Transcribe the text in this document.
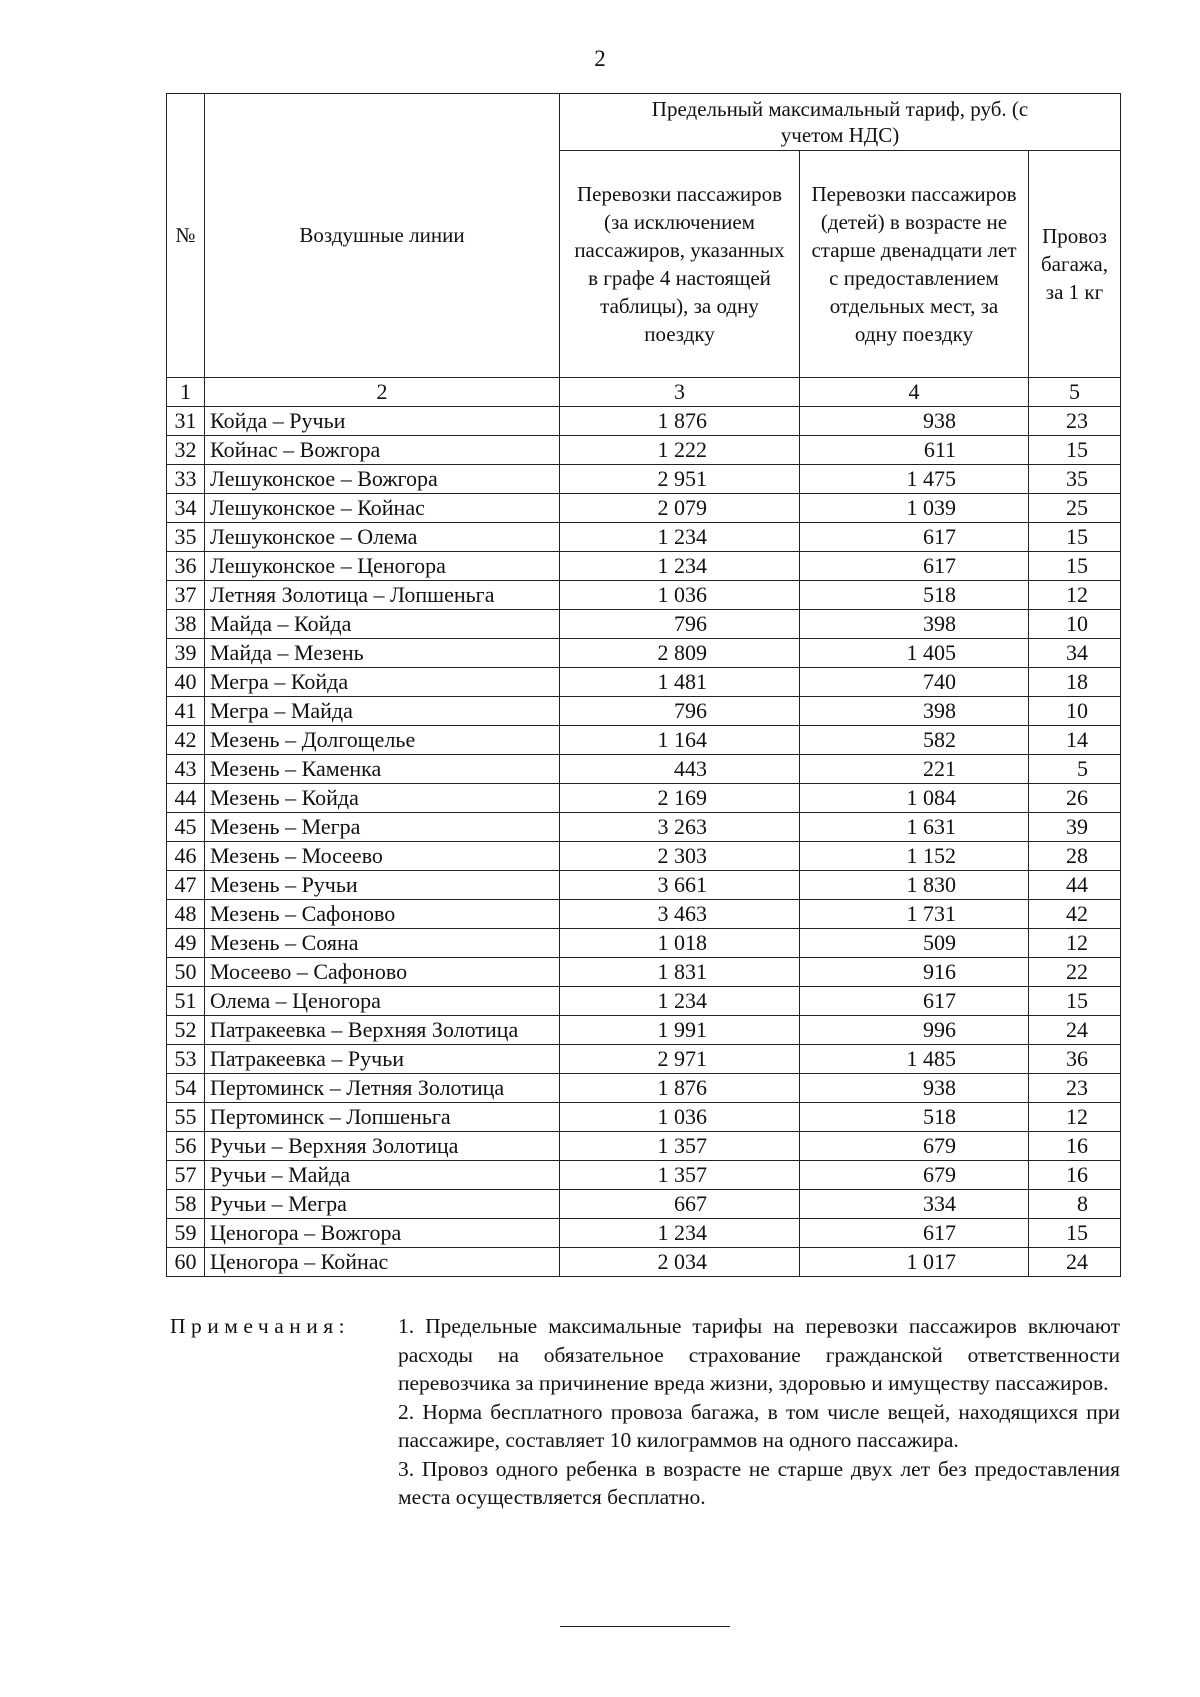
2
№	Воздушные линии	Предельный максимальный тариф, руб. (с учетом НДС)		

		Перевозки пассажиров (за исключением пассажиров, указанных в графе 4 настоящей таблицы), за одну поездку	Перевозки пассажиров (детей) в возрасте не старше двенадцати лет с предоставлением отдельных мест, за одну поездку	Провоз багажа, за 1 кг

1	2	3	4	5
31	Койда – Ручьи	1 876	938	23
32	Койнас – Вожгора	1 222	611	15
33	Лешуконское – Вожгора	2 951	1 475	35
34	Лешуконское – Койнас	2 079	1 039	25
35	Лешуконское – Олема	1 234	617	15
36	Лешуконское – Ценогора	1 234	617	15
37	Летняя Золотица – Лопшеньга	1 036	518	12
38	Майда – Койда	796	398	10
39	Майда – Мезень	2 809	1 405	34
40	Мегра – Койда	1 481	740	18
41	Мегра – Майда	796	398	10
42	Мезень – Долгощелье	1 164	582	14
43	Мезень – Каменка	443	221	5
44	Мезень – Койда	2 169	1 084	26
45	Мезень – Мегра	3 263	1 631	39
46	Мезень – Мосеево	2 303	1 152	28
47	Мезень – Ручьи	3 661	1 830	44
48	Мезень – Сафоново	3 463	1 731	42
49	Мезень – Сояна	1 018	509	12
50	Мосеево – Сафоново	1 831	916	22
51	Олема – Ценогора	1 234	617	15
52	Патракеевка – Верхняя Золотица	1 991	996	24
53	Патракеевка – Ручьи	2 971	1 485	36
54	Пертоминск – Летняя Золотица	1 876	938	23
55	Пертоминск – Лопшеньга	1 036	518	12
56	Ручьи – Верхняя Золотица	1 357	679	16
57	Ручьи – Майда	1 357	679	16
58	Ручьи – Мегра	667	334	8
59	Ценогора – Вожгора	1 234	617	15
60	Ценогора – Койнас	2 034	1 017	24
Примечания: 1. Предельные максимальные тарифы на перевозки пассажиров включают расходы на обязательное страхование гражданской ответственности перевозчика за причинение вреда жизни, здоровью и имуществу пассажиров.
2. Норма бесплатного провоза багажа, в том числе вещей, находящихся при пассажире, составляет 10 килограммов на одного пассажира.
3. Провоз одного ребенка в возрасте не старше двух лет без предоставления места осуществляется бесплатно.
